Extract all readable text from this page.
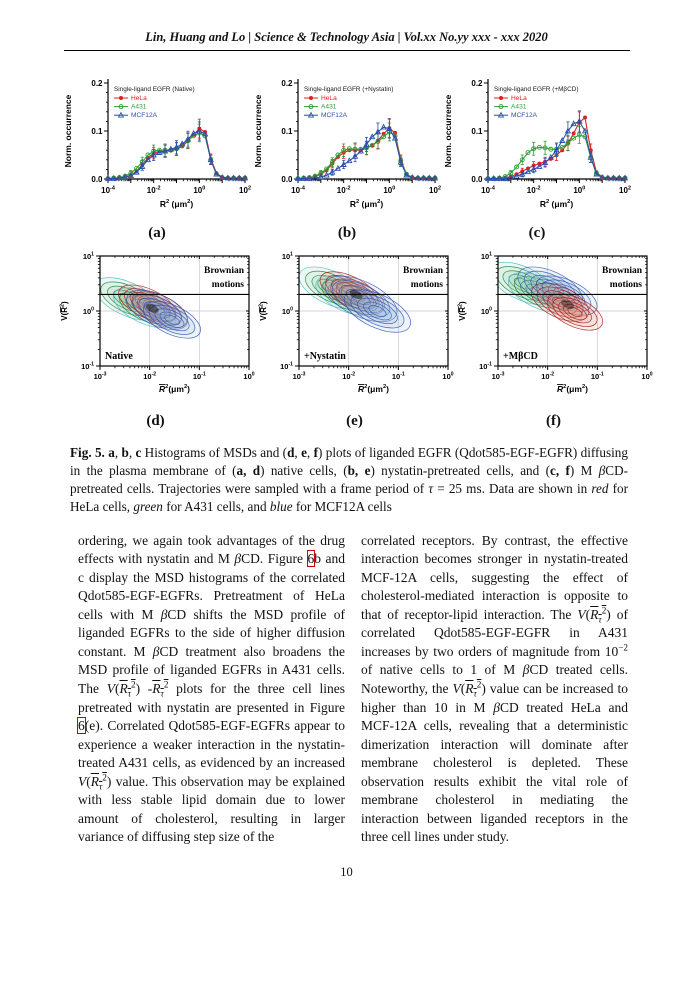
Lin, Huang and Lo | Science & Technology Asia | Vol.xx No.yy xxx - xxx 2020
0.0
0.1
0.2
$10^{-4}$	$10^{-2}$	$10^0$	$10^2$
Norm. occurrence
$R^2$ $(\mu m^2)$
Single-ligand EGFR (Native)
HeLa
A431
MCF12A
(a)
0.0
0.1
0.2
$10^{-4}$	$10^{-2}$	$10^0$	$10^2$
Norm. occurrence
$R^2$ $(\mu m^2)$
Single-ligand EGFR (+Nystatin)
HeLa
A431
MCF12A
(b)
0.0
0.1
0.2
$10^{-4}$	$10^{-2}$	$10^0$	$10^2$
Norm. occurrence
$R^2$ $(\mu m^2)$
Single-ligand EGFR (+MβCD)
HeLa
A431
MCF12A
(c)
$10^{-3}$	$10^{-2}$	$10^{-1}$	$10^0$
$10^{-1}$
$10^0$
$10^1$
$V(R^2)$
$R^2(\mu m^2)$
Brownian
motions
Native
(d)
$10^{-3}$	$10^{-2}$	$10^{-1}$	$10^0$
$10^{-1}$
$10^0$
$10^1$
$V(R^2)$
$R^2(\mu m^2)$
Brownian
motions
+Nystatin
(e)
$10^{-3}$	$10^{-2}$	$10^{-1}$	$10^0$
$10^{-1}$
$10^0$
$10^1$
$V(R^2)$
$R^2(\mu m^2)$
Brownian
motions
+MβCD
(f)
Fig. 5. a, b, c Histograms of MSDs and (d, e, f) plots of liganded EGFR (Qdot585-EGF-EGFR) diffusing in the plasma membrane of (a, d) native cells, (b, e) nystatin-pretreated cells, and (c, f) M βCD-pretreated cells. Trajectories were sampled with a frame period of τ = 25 ms. Data are shown in red for HeLa cells, green for A431 cells, and blue for MCF12A cells
ordering, we again took advantages of the drug effects with nystatin and M βCD. Figure 6b and c display the MSD histograms of the correlated Qdot585-EGF-EGFRs. Pretreatment of HeLa cells with M βCD shifts the MSD profile of liganded EGFRs to the side of higher diffusion constant. M βCD treatment also broadens the MSD profile of liganded EGFRs in A431 cells. The $V(R_\tau^2)$ $-R_\tau^2$ plots for the three cell lines pretreated with nystatin are presented in Figure 6(e). Correlated Qdot585-EGF-EGFRs appear to experience a weaker interaction in the nystatin-treated A431 cells, as evidenced by an increased $V(R_\tau^2)$ value. This observation may be explained with less stable lipid domain due to lower amount of cholesterol, resulting in larger variance of diffusing step size of the
correlated receptors. By contrast, the effective interaction becomes stronger in nystatin-treated MCF-12A cells, suggesting the effect of cholesterol-mediated interaction is opposite to that of receptor-lipid interaction. The $V(R_\tau^2)$ of correlated Qdot585-EGF-EGFR in A431 increases by two orders of magnitude from $10^{-2}$ of native cells to 1 of M βCD treated cells. Noteworthy, the $V(R_\tau^2)$ value can be increased to higher than 10 in M βCD treated HeLa and MCF-12A cells, revealing that a deterministic dimerization interaction will dominate after membrane cholesterol is depleted. These observation results exhibit the vital role of membrane cholesterol in mediating the interaction between liganded receptors in the three cell lines under study.
10
